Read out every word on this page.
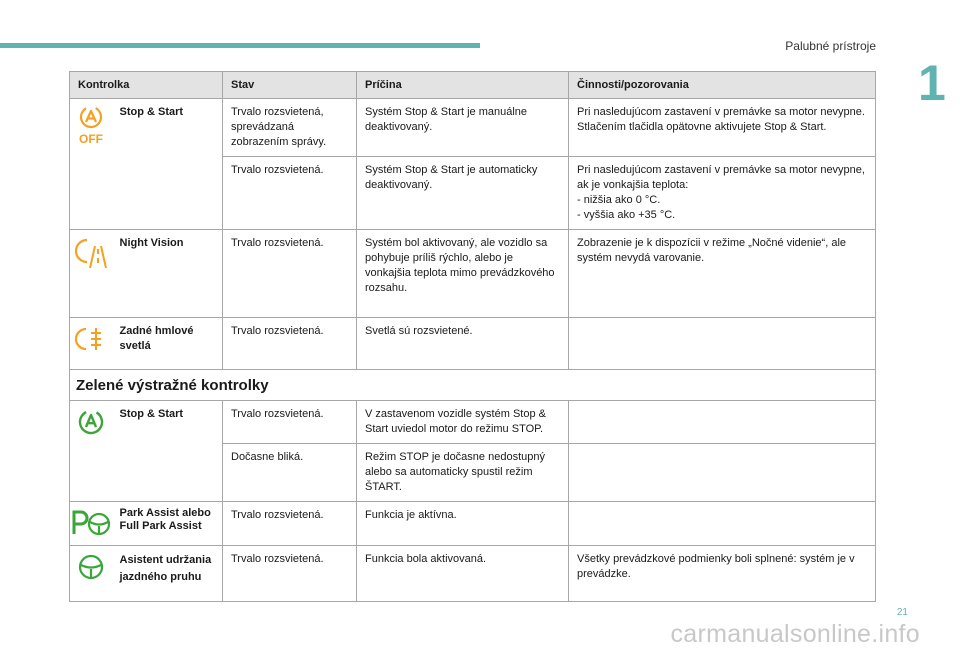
Palubné prístroje
1
Kontrolka		Stav	Príčina	Činnosti/pozorovania

OFF	Stop & Start	Trvalo rozsvietená, sprevádzaná zobrazením správy.	Systém Stop & Start je manuálne deaktivovaný.	Pri nasledujúcom zastavení v premávke sa motor nevypne.
Stlačením tlačidla opätovne aktivujete Stop & Start.

		Trvalo rozsvietená.	Systém Stop & Start je automaticky deaktivovaný.	Pri nasledujúcom zastavení v premávke sa motor nevypne, ak je vonkajšia teplota:
- nižšia ako 0 °C.
- vyššia ako +35 °C.

	Night Vision	Trvalo rozsvietená.	Systém bol aktivovaný, ale vozidlo sa pohybuje príliš rýchlo, alebo je vonkajšia teplota mimo prevádzkového rozsahu.	Zobrazenie je k dispozícii v režime „Nočné videnie“, ale systém nevydá varovanie.

	Zadné hmlové svetlá	Trvalo rozsvietená.	Svetlá sú rozsvietené.	
Zelené výstražné kontrolky				

	Stop & Start	Trvalo rozsvietená.	V zastavenom vozidle systém Stop & Start uviedol motor do režimu STOP.	
		Dočasne bliká.	Režim STOP je dočasne nedostupný alebo sa automaticky spustil režim ŠTART.	

	Park Assist alebo Full Park Assist	Trvalo rozsvietená.	Funkcia je aktívna.	

	Asistent udržania jazdného pruhu	Trvalo rozsvietená.	Funkcia bola aktivovaná.	Všetky prevádzkové podmienky boli splnené: systém je v prevádzke.
21
carmanualsonline.info
